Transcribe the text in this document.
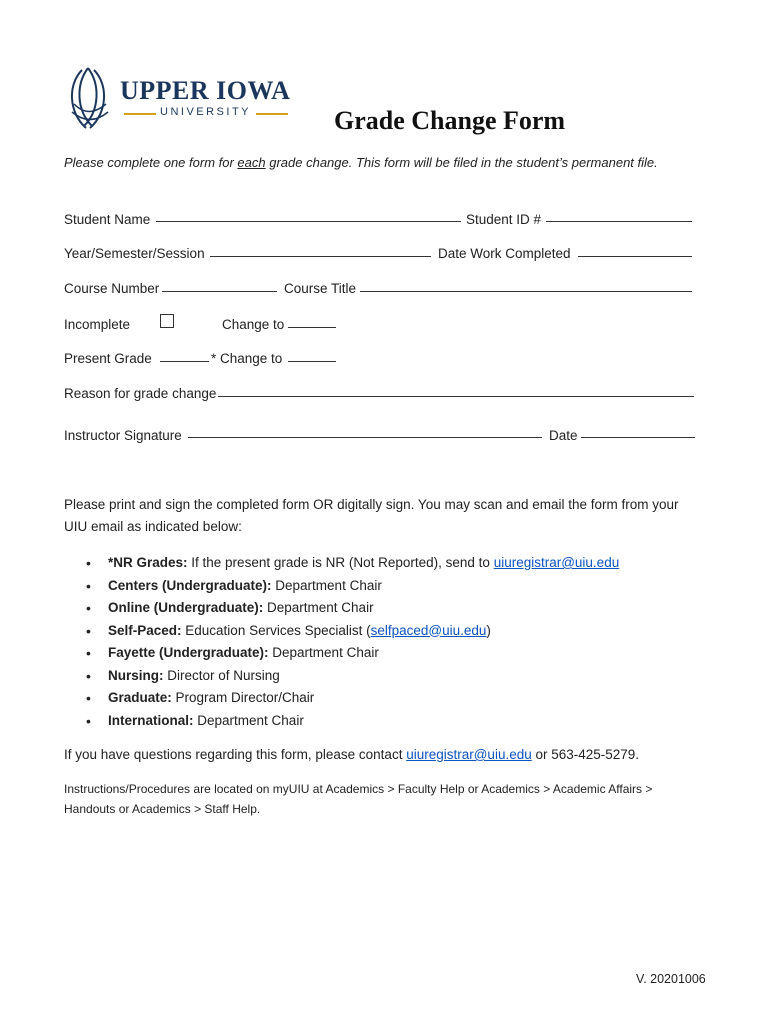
UPPER IOWA
UNIVERSITY	Grade Change Form
Please complete one form for each grade change. This form will be filed in the student’s permanent file.
Student Name	Student ID #
Year/Semester/Session	Date Work Completed
Course Number	Course Title
Incomplete	Change to
Present Grade	* Change to
Reason for grade change
Instructor Signature	Date
Please print and sign the completed form OR digitally sign. You may scan and email the form from your
UIU email as indicated below:
• *NR Grades: If the present grade is NR (Not Reported), send to uiuregistrar@uiu.edu
• Centers (Undergraduate): Department Chair
• Online (Undergraduate): Department Chair
• Self-Paced: Education Services Specialist (selfpaced@uiu.edu)
• Fayette (Undergraduate): Department Chair
• Nursing: Director of Nursing
• Graduate: Program Director/Chair
• International: Department Chair
If you have questions regarding this form, please contact uiuregistrar@uiu.edu or 563-425-5279.
Instructions/Procedures are located on myUIU at Academics > Faculty Help or Academics > Academic Affairs >
Handouts or Academics > Staff Help.
V. 20201006
